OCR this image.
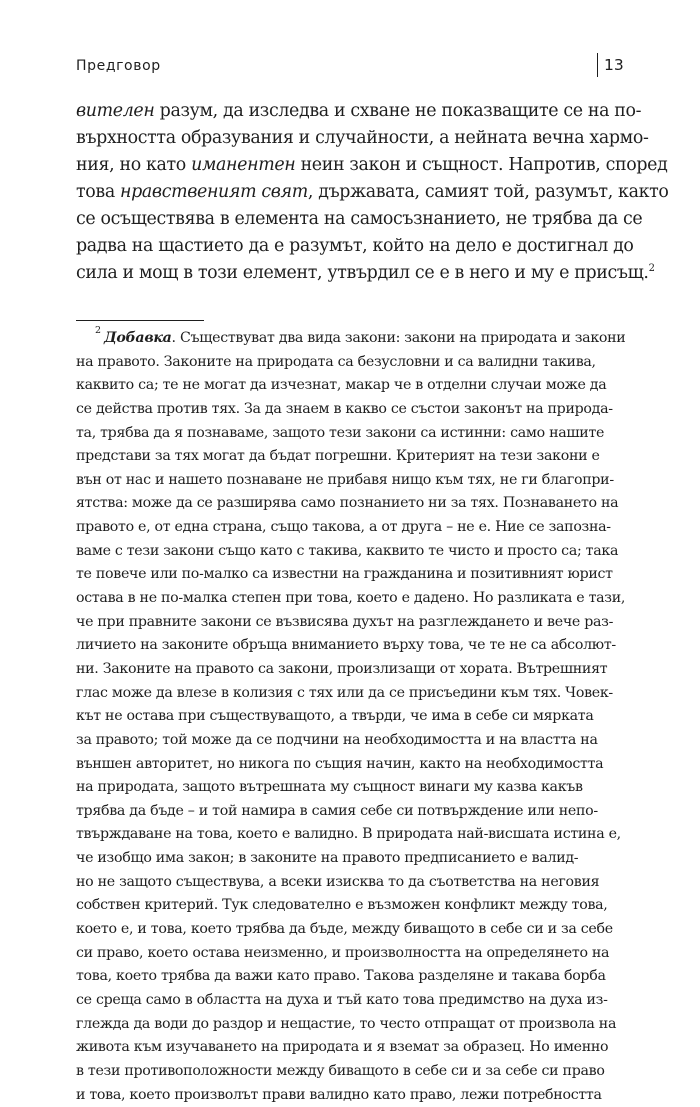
Предговор	13
вителен разум, да изследва и схване не показващите се на по-
върхността образувания и случайности, а нейната вечна хармо-
ния, но като иманентен неин закон и същност. Напротив, според
това нравственият свят, държавата, самият той, разумът, както
се осъществява в елемента на самосъзнанието, не трябва да се
радва на щастието да е разумът, който на дело е достигнал до
сила и мощ в този елемент, утвърдил се е в него и му е присъщ.$^2$
2 Добавка. Съществуват два вида закони: закони на природата и закони
на правото. Законите на природата са безусловни и са валидни такива,
каквито са; те не могат да изчезнат, макар че в отделни случаи може да
се действа против тях. За да знаем в какво се състои законът на природа-
та, трябва да я познаваме, защото тези закони са истинни: само нашите
представи за тях могат да бъдат погрешни. Критерият на тези закони е
вън от нас и нашето познаване не прибавя нищо към тях, не ги благопри-
ятства: може да се разширява само познанието ни за тях. Познаването на
правото е, от една страна, също такова, а от друга – не е. Ние се запозна-
ваме с тези закони също като с такива, каквито те чисто и просто са; така
те повече или по-малко са известни на гражданина и позитивният юрист
остава в не по-малка степен при това, което е дадено. Но разликата е тази,
че при правните закони се възвисява духът на разглеждането и вече раз-
личието на законите обръща вниманието върху това, че те не са абсолют-
ни. Законите на правото са закони, произлизащи от хората. Вътрешният
глас може да влезе в колизия с тях или да се присъедини към тях. Човек-
кът не остава при съществуващото, а твърди, че има в себе си мярката
за правото; той може да се подчини на необходимостта и на властта на
външен авторитет, но никога по същия начин, както на необходимостта
на природата, защото вътрешната му същност винаги му казва какъв
трябва да бъде – и той намира в самия себе си потвърждение или непо-
твърждаване на това, което е валидно. В природата най-висшата истина е,
че изобщо има закон; в законите на правото предписанието е валид-
но не защото съществува, а всеки изисква то да съответства на неговия
собствен критерий. Тук следователно е възможен конфликт между това,
което е, и това, което трябва да бъде, между биващото в себе си и за себе
си право, което остава неизменно, и произволността на определянето на
това, което трябва да важи като право. Такова разделяне и такава борба
се среща само в областта на духа и тъй като това предимство на духа из-
глежда да води до раздор и нещастие, то често отпращат от произвола на
живота към изучаването на природата и я вземат за образец. Но именно
в тези противоположности между биващото в себе си и за себе си право
и това, което произволът прави валидно като право, лежи потребността
